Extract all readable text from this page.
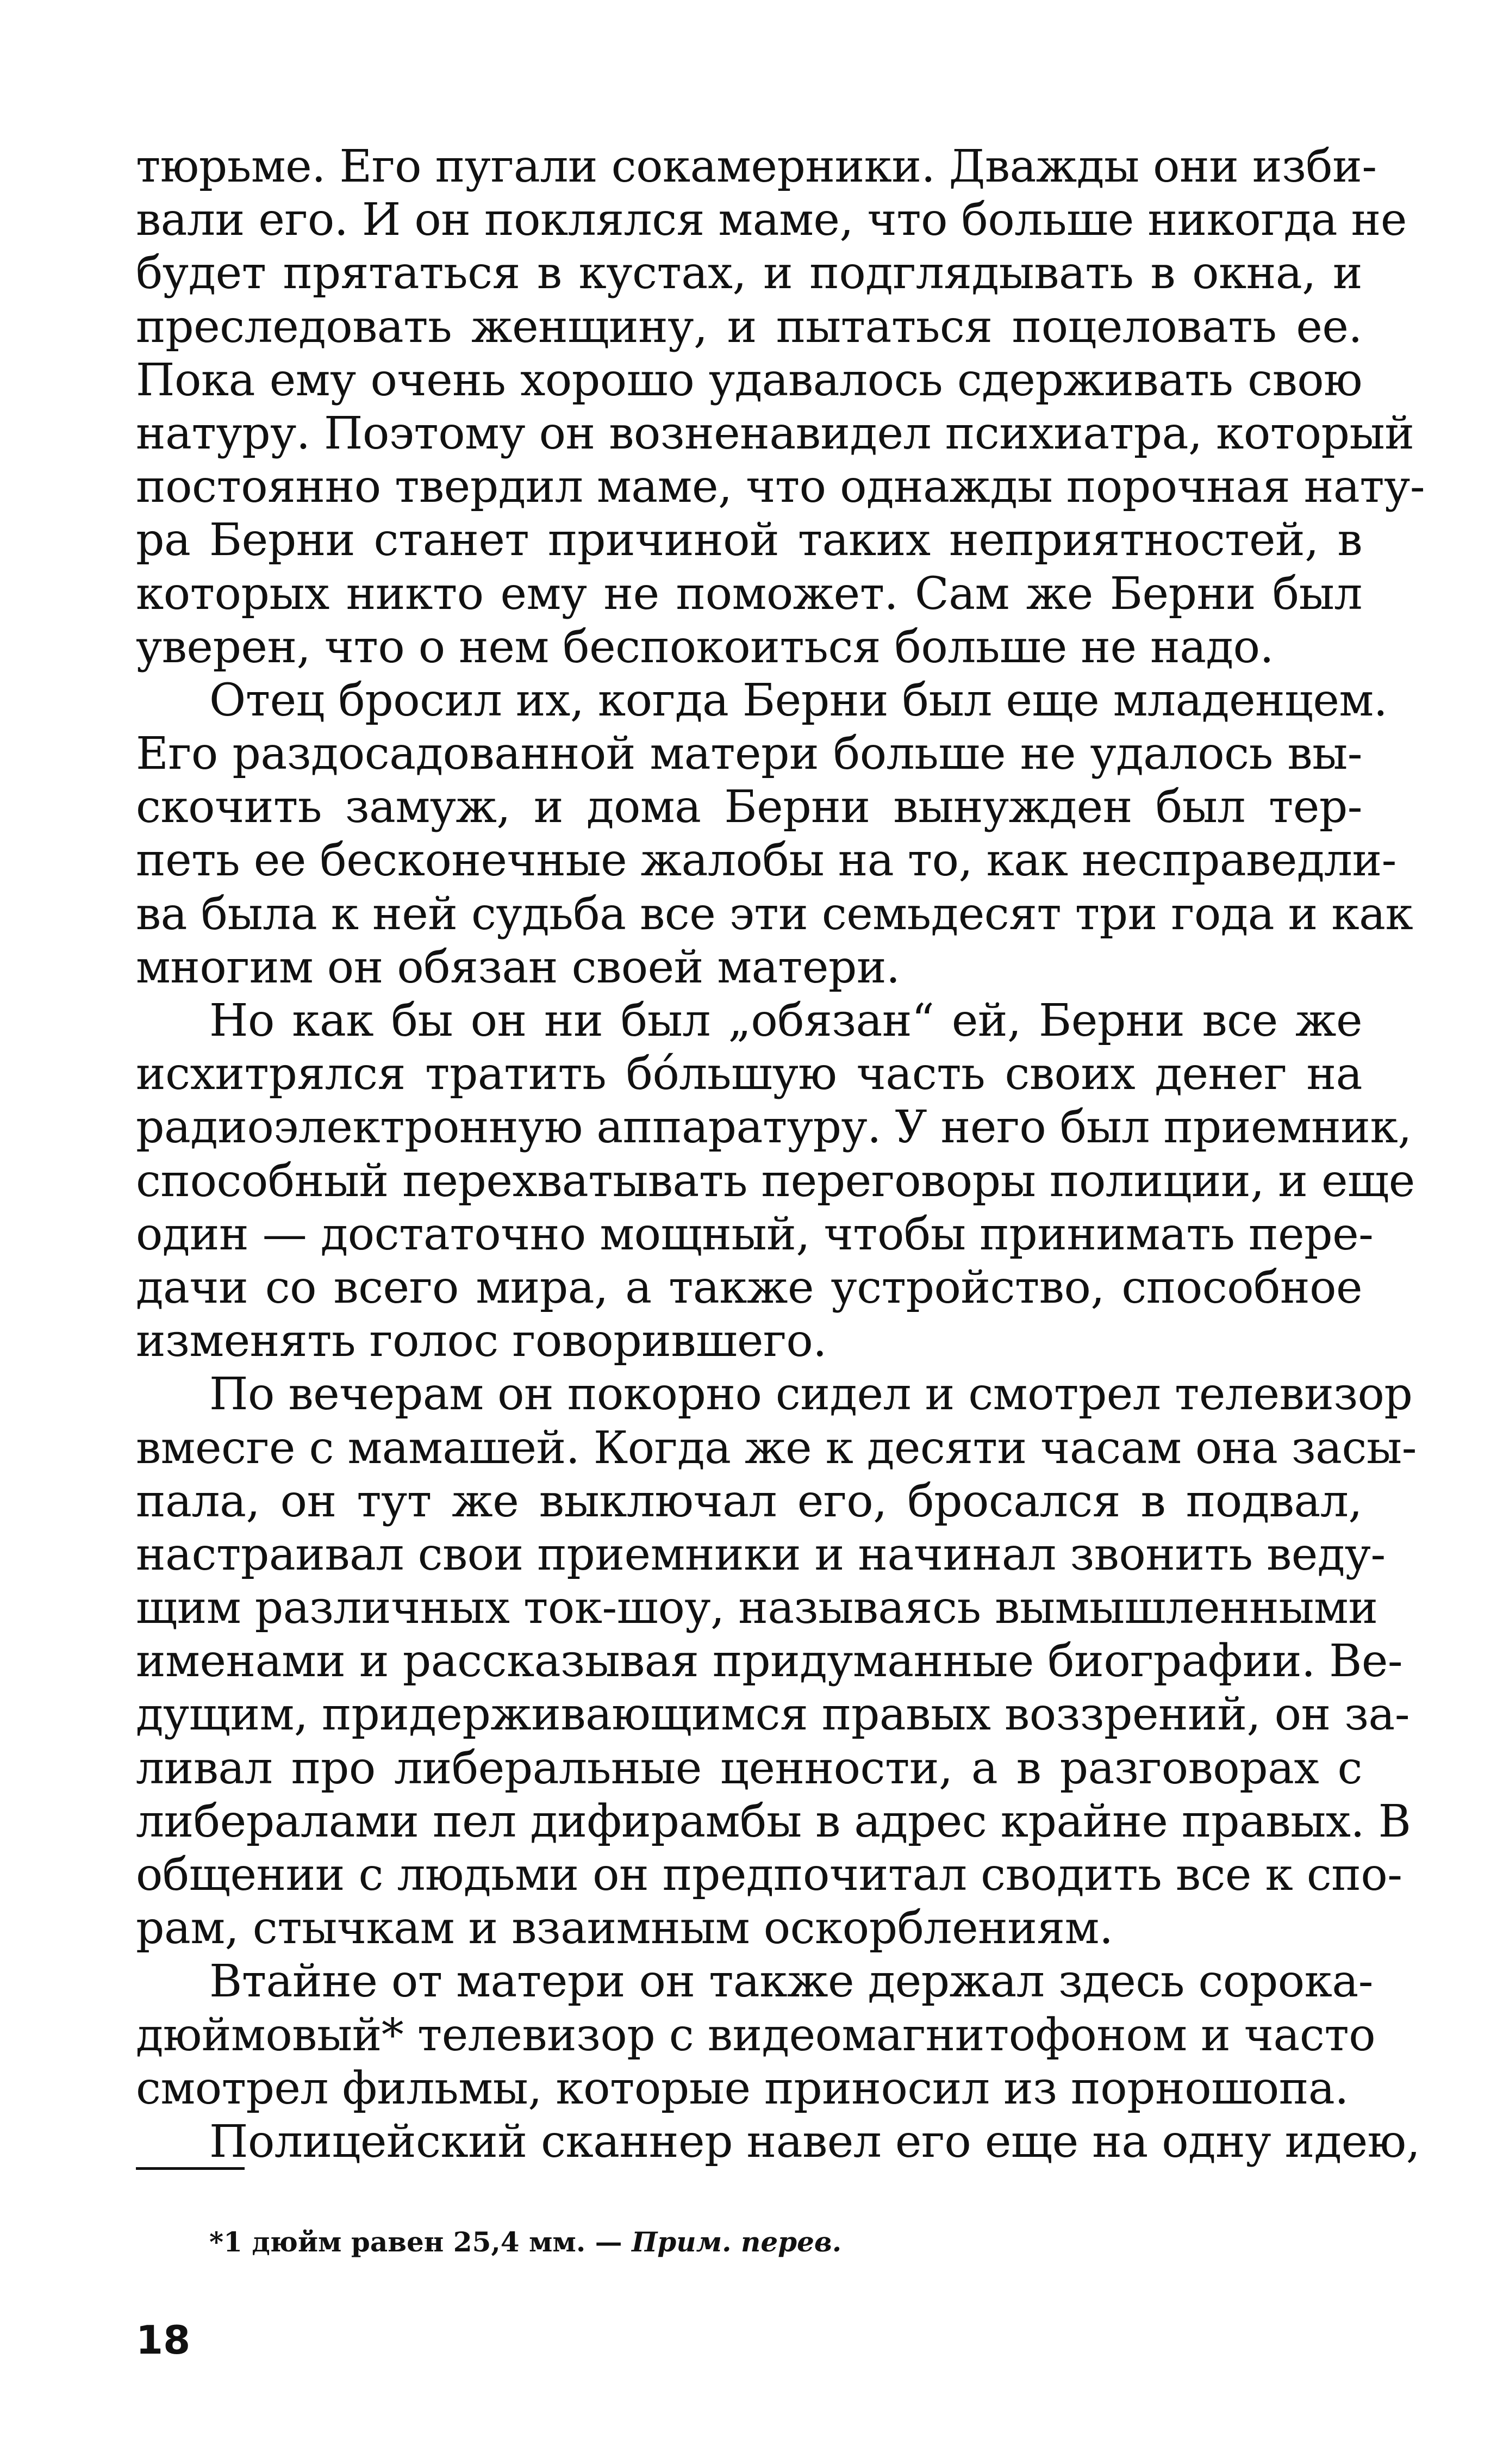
тюрьме. Его пугали сокамерники. Дважды они изби-
вали его. И он поклялся маме, что больше никогда не
будет прятаться в кустах, и подглядывать в окна, и
преследовать женщину, и пытаться поцеловать ее.
Пока ему очень хорошо удавалось сдерживать свою
натуру. Поэтому он возненавидел психиатра, который
постоянно твердил маме, что однажды порочная нату-
ра Берни станет причиной таких неприятностей, в
которых никто ему не поможет. Сам же Берни был
уверен, что о нем беспокоиться больше не надо.
Отец бросил их, когда Берни был еще младенцем.
Его раздосадованной матери больше не удалось вы-
скочить замуж, и дома Берни вынужден был тер-
петь ее бесконечные жалобы на то, как несправедли-
ва была к ней судьба все эти семьдесят три года и как
многим он обязан своей матери.
Но как бы он ни был „обязан“ ей, Берни все же
исхитрялся тратить бо́льшую часть своих денег на
радиоэлектронную аппаратуру. У него был приемник,
способный перехватывать переговоры полиции, и еще
один — достаточно мощный, чтобы принимать пере-
дачи со всего мира, а также устройство, способное
изменять голос говорившего.
По вечерам он покорно сидел и смотрел телевизор
вмесге с мамашей. Когда же к десяти часам она засы-
пала, он тут же выключал его, бросался в подвал,
настраивал свои приемники и начинал звонить веду-
щим различных ток-шоу, называясь вымышленными
именами и рассказывая придуманные биографии. Ве-
дущим, придерживающимся правых воззрений, он за-
ливал про либеральные ценности, а в разговорах с
либералами пел дифирамбы в адрес крайне правых. В
общении с людьми он предпочитал сводить все к спо-
рам, стычкам и взаимным оскорблениям.
Втайне от матери он также держал здесь сорока-
дюймовый* телевизор с видеомагнитофоном и часто
смотрел фильмы, которые приносил из порношопа.
Полицейский сканнер навел его еще на одну идею,
*1 дюйм равен 25,4 мм. — Прим. перев.
18
